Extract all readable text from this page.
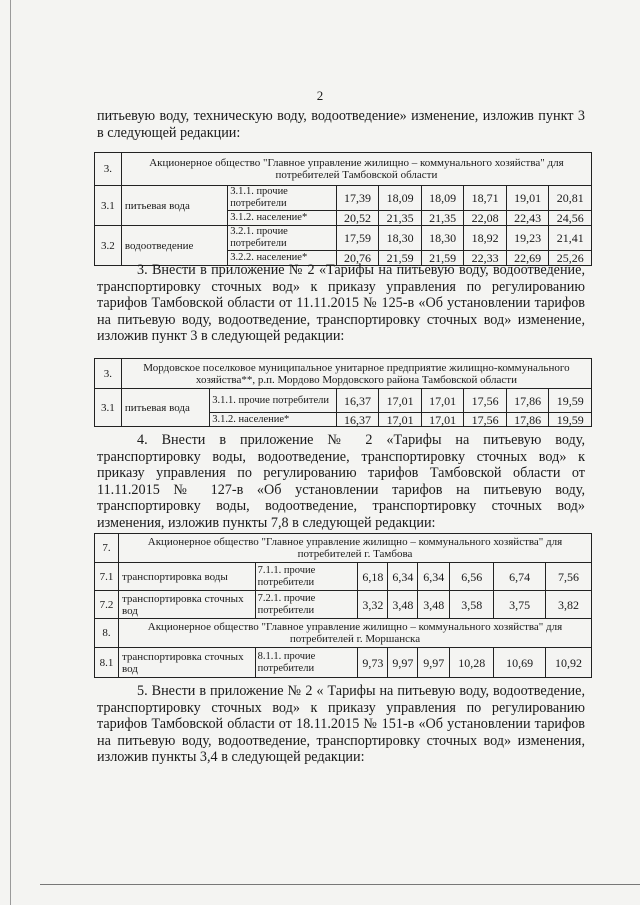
2

питьевую воду, техническую воду, водоотведение» изменение, изложив пункт 3 в следующей редакции:

3.	Акционерное общество "Главное управление жилищно – коммунального хозяйства" для потребителей Тамбовской области							
3.1	питьевая вода	3.1.1. прочие потребители	17,39	18,09	18,09	18,71	19,01	20,81
		3.1.2. население*	20,52	21,35	21,35	22,08	22,43	24,56
3.2	водоотведение	3.2.1. прочие потребители	17,59	18,30	18,30	18,92	19,23	21,41
		3.2.2. население*	20,76	21,59	21,59	22,33	22,69	25,26

3. Внести в приложение № 2 «Тарифы на питьевую воду, водоотведение, транспортировку сточных вод» к приказу управления по регулированию тарифов Тамбовской области от 11.11.2015 № 125-в «Об установлении тарифов на питьевую воду, водоотведение, транспортировку сточных вод» изменение, изложив пункт 3 в следующей редакции:

3.	Мордовское поселковое муниципальное унитарное предприятие жилищно-коммунального хозяйства**, р.п. Мордово Мордовского района Тамбовской области							
3.1	питьевая вода	3.1.1. прочие потребители	16,37	17,01	17,01	17,56	17,86	19,59
		3.1.2. население*	16,37	17,01	17,01	17,56	17,86	19,59

4. Внести в приложение № 2 «Тарифы на питьевую воду, транспортировку воды, водоотведение, транспортировку сточных вод» к приказу управления по регулированию тарифов Тамбовской области от 11.11.2015 № 127-в «Об установлении тарифов на питьевую воду, транспортировку воды, водоотведение, транспортировку сточных вод» изменения, изложив пункты 7,8 в следующей редакции:

7.	Акционерное общество "Главное управление жилищно – коммунального хозяйства" для потребителей г. Тамбова							
7.1	транспортировка воды	7.1.1. прочие потребители	6,18	6,34	6,34	6,56	6,74	7,56
7.2	транспортировка сточных вод	7.2.1. прочие потребители	3,32	3,48	3,48	3,58	3,75	3,82
8.	Акционерное общество "Главное управление жилищно – коммунального хозяйства" для потребителей г. Моршанска							
8.1	транспортировка сточных вод	8.1.1. прочие потребители	9,73	9,97	9,97	10,28	10,69	10,92

5. Внести в приложение № 2 « Тарифы на питьевую воду, водоотведение, транспортировку сточных вод» к приказу управления по регулированию тарифов Тамбовской области от 18.11.2015 № 151-в «Об установлении тарифов на питьевую воду, водоотведение, транспортировку сточных вод» изменения, изложив пункты 3,4 в следующей редакции:
